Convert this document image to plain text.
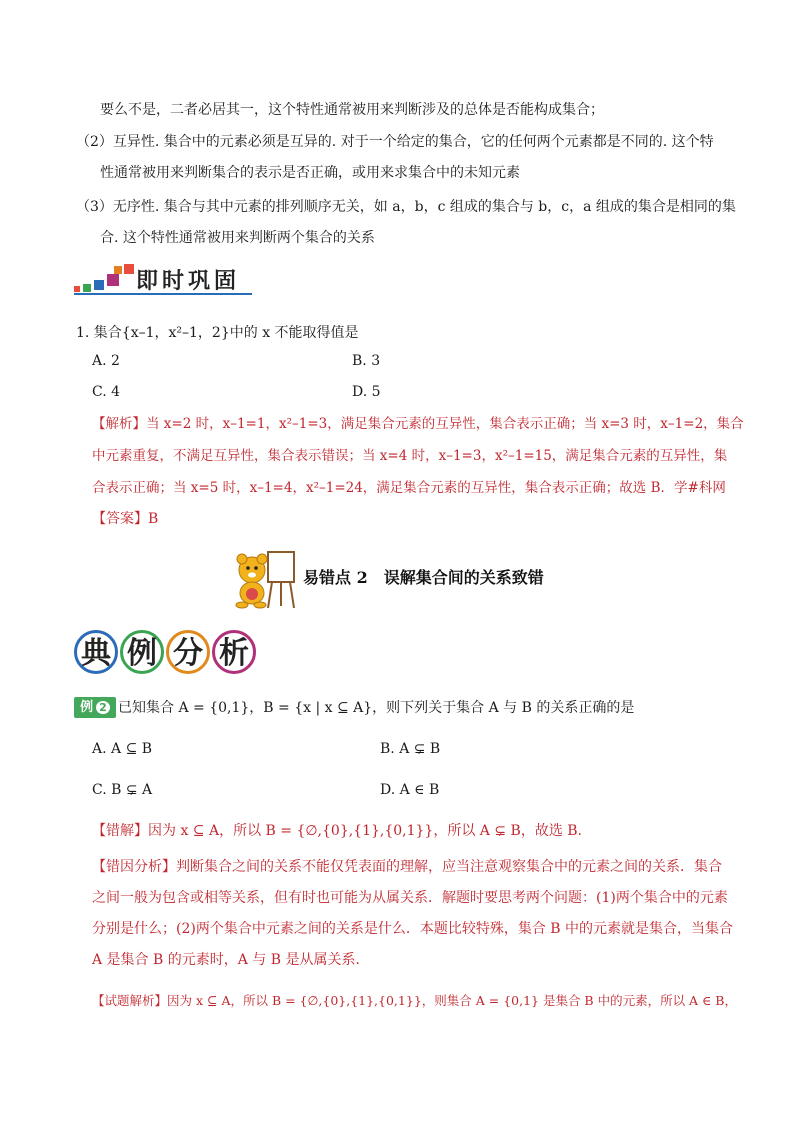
要么不是，二者必居其一，这个特性通常被用来判断涉及的总体是否能构成集合；
（2）互异性. 集合中的元素必须是互异的. 对于一个给定的集合，它的任何两个元素都是不同的. 这个特
性通常被用来判断集合的表示是否正确，或用来求集合中的未知元素
（3）无序性. 集合与其中元素的排列顺序无关，如 a，b，c 组成的集合与 b，c，a 组成的集合是相同的集
合. 这个特性通常被用来判断两个集合的关系
即时巩固
1. 集合{x–1，x²–1，2}中的 x 不能取得值是
A. 2	B. 3
C. 4	D. 5
【解析】当 x=2 时，x–1=1，x²–1=3，满足集合元素的互异性，集合表示正确；当 x=3 时，x–1=2，集合
中元素重复，不满足互异性，集合表示错误；当 x=4 时，x–1=3，x²–1=15，满足集合元素的互异性，集
合表示正确；当 x=5 时，x–1=4，x²–1=24，满足集合元素的互异性，集合表示正确；故选 B．学#科网
【答案】B
易错点 2　误解集合间的关系致错
典 例 分 析
例 2 已知集合 A = {0,1}，B = {x | x ⊆ A}，则下列关于集合 A 与 B 的关系正确的是
A. A ⊆ B	B. A ⊊ B
C. B ⊊ A	D. A ∈ B
【错解】因为 x ⊆ A，所以 B = {∅,{0},{1},{0,1}}，所以 A ⊊ B，故选 B.
【错因分析】判断集合之间的关系不能仅凭表面的理解，应当注意观察集合中的元素之间的关系．集合
之间一般为包含或相等关系，但有时也可能为从属关系．解题时要思考两个问题：(1)两个集合中的元素
分别是什么；(2)两个集合中元素之间的关系是什么．本题比较特殊，集合 B 中的元素就是集合，当集合
A 是集合 B 的元素时，A 与 B 是从属关系．
【试题解析】因为 x ⊆ A，所以 B = {∅,{0},{1},{0,1}}，则集合 A = {0,1} 是集合 B 中的元素，所以 A ∈ B，
